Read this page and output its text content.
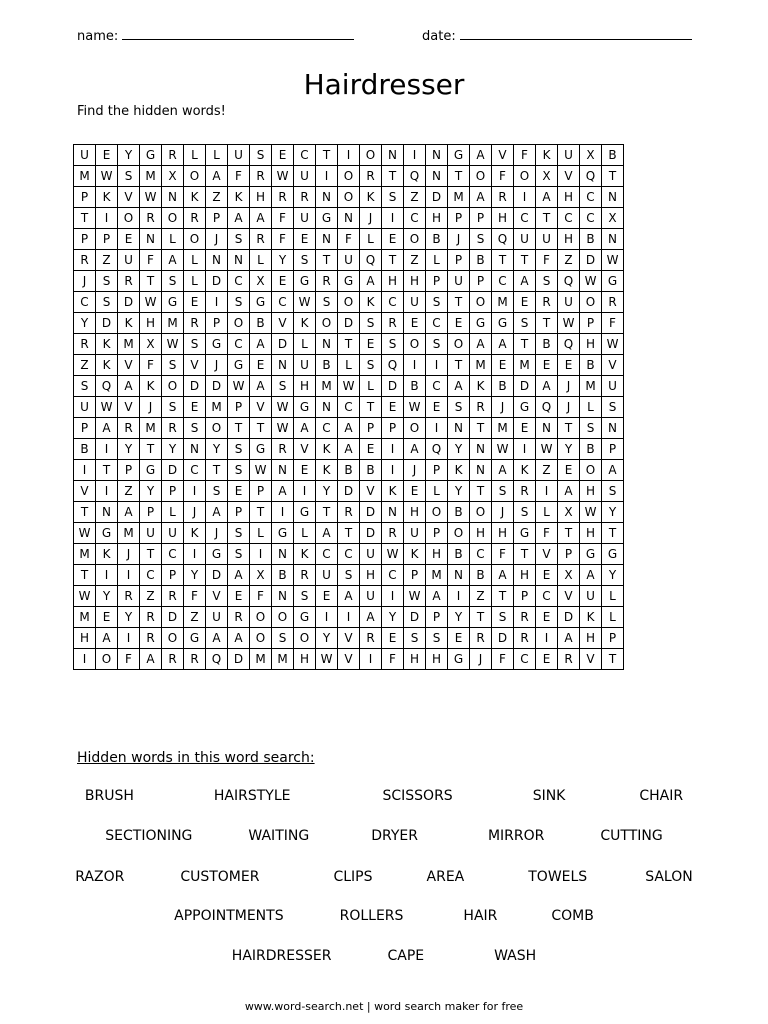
name:	date:
Hairdresser
Find the hidden words!
U	E	Y	G	R	L	L	U	S	E	C	T	I	O	N	I	N	G	A	V	F	K	U	X	B
M	W	S	M	X	O	A	F	R	W	U	I	O	R	T	Q	N	T	O	F	O	X	V	Q	T
P	K	V	W	N	K	Z	K	H	R	R	N	O	K	S	Z	D	M	A	R	I	A	H	C	N
T	I	O	R	O	R	P	A	A	F	U	G	N	J	I	C	H	P	P	H	C	T	C	C	X
P	P	E	N	L	O	J	S	R	F	E	N	F	L	E	O	B	J	S	Q	U	U	H	B	N
R	Z	U	F	A	L	N	N	L	Y	S	T	U	Q	T	Z	L	P	B	T	T	F	Z	D	W
J	S	R	T	S	L	D	C	X	E	G	R	G	A	H	H	P	U	P	C	A	S	Q	W	G
C	S	D	W	G	E	I	S	G	C	W	S	O	K	C	U	S	T	O	M	E	R	U	O	R
Y	D	K	H	M	R	P	O	B	V	K	O	D	S	R	E	C	E	G	G	S	T	W	P	F
R	K	M	X	W	S	G	C	A	D	L	N	T	E	S	O	S	O	A	A	T	B	Q	H	W
Z	K	V	F	S	V	J	G	E	N	U	B	L	S	Q	I	I	T	M	E	M	E	E	B	V
S	Q	A	K	O	D	D	W	A	S	H	M	W	L	D	B	C	A	K	B	D	A	J	M	U
U	W	V	J	S	E	M	P	V	W	G	N	C	T	E	W	E	S	R	J	G	Q	J	L	S
P	A	R	M	R	S	O	T	T	W	A	C	A	P	P	O	I	N	T	M	E	N	T	S	N
B	I	Y	T	Y	N	Y	S	G	R	V	K	A	E	I	A	Q	Y	N	W	I	W	Y	B	P
I	T	P	G	D	C	T	S	W	N	E	K	B	B	I	J	P	K	N	A	K	Z	E	O	A
V	I	Z	Y	P	I	S	E	P	A	I	Y	D	V	K	E	L	Y	T	S	R	I	A	H	S
T	N	A	P	L	J	A	P	T	I	G	T	R	D	N	H	O	B	O	J	S	L	X	W	Y
W	G	M	U	U	K	J	S	L	G	L	A	T	D	R	U	P	O	H	H	G	F	T	H	T
M	K	J	T	C	I	G	S	I	N	K	C	C	U	W	K	H	B	C	F	T	V	P	G	G
T	I	I	C	P	Y	D	A	X	B	R	U	S	H	C	P	M	N	B	A	H	E	X	A	Y
W	Y	R	Z	R	F	V	E	F	N	S	E	A	U	I	W	A	I	Z	T	P	C	V	U	L
M	E	Y	R	D	Z	U	R	O	O	G	I	I	A	Y	D	P	Y	T	S	R	E	D	K	L
H	A	I	R	O	G	A	A	O	S	O	Y	V	R	E	S	S	E	R	D	R	I	A	H	P
I	O	F	A	R	R	Q	D	M	M	H	W	V	I	F	H	H	G	J	F	C	E	R	V	T
Hidden words in this word search:
BRUSH	HAIRSTYLE	SCISSORS	SINK	CHAIR
SECTIONING	WAITING	DRYER	MIRROR	CUTTING
RAZOR	CUSTOMER	CLIPS	AREA	TOWELS	SALON
APPOINTMENTS	ROLLERS	HAIR	COMB
HAIRDRESSER	CAPE	WASH
www.word-search.net | word search maker for free
